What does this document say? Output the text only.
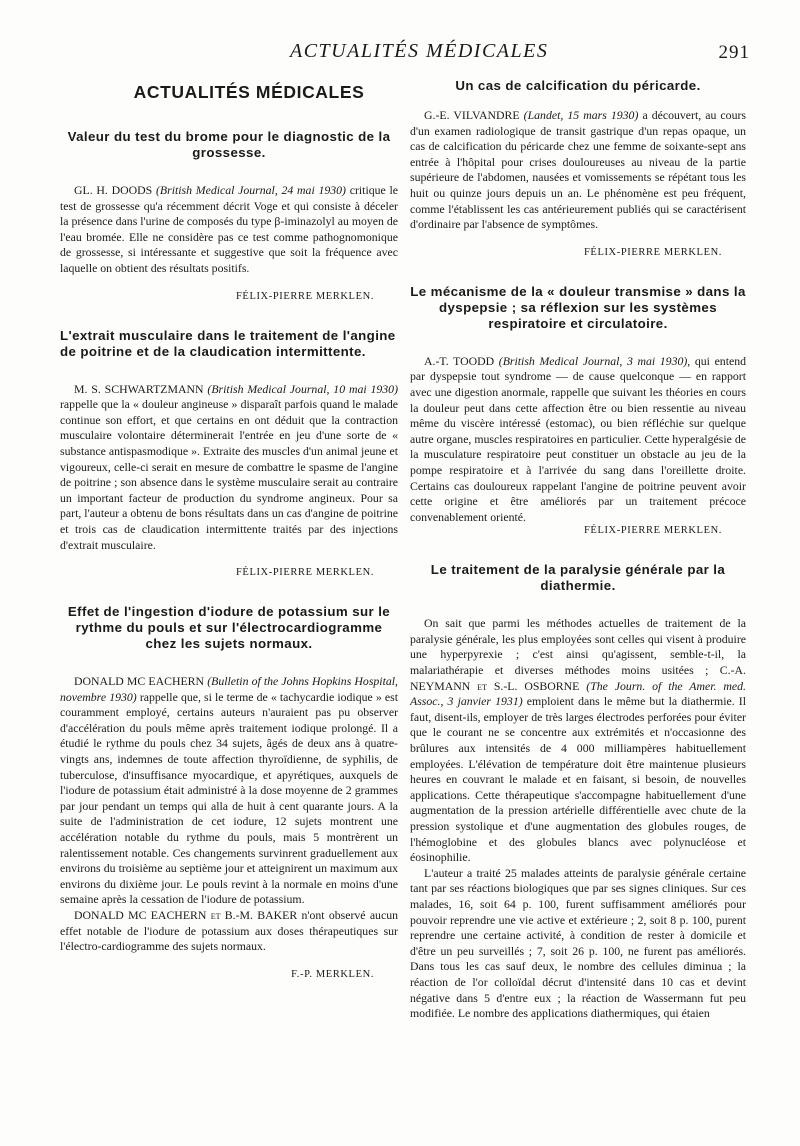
ACTUALITÉS MÉDICALES	291
ACTUALITÉS MÉDICALES
Valeur du test du brome pour le diagnostic de la grossesse.

GL. H. DOODS (British Medical Journal, 24 mai 1930) critique le test de grossesse qu'a récemment décrit Voge et qui consiste à déceler la présence dans l'urine de composés du type β-iminazolyl au moyen de l'eau bromée. Elle ne considère pas ce test comme pathognomonique de grossesse, si intéressante et suggestive que soit la fréquence avec laquelle on obtient des résultats positifs.

FÉLIX-PIERRE MERKLEN.
L'extrait musculaire dans le traitement de l'angine de poitrine et de la claudication intermittente.

M. S. SCHWARTZMANN (British Medical Journal, 10 mai 1930) rappelle que la « douleur angineuse » disparaît parfois quand le malade continue son effort, et que certains en ont déduit que la contraction musculaire volontaire déterminerait l'entrée en jeu d'une sorte de « substance antispasmodique ». Extraite des muscles d'un animal jeune et vigoureux, celle-ci serait en mesure de combattre le spasme de l'angine de poitrine ; son absence dans le système musculaire serait au contraire un important facteur de production du syndrome angineux. Pour sa part, l'auteur a obtenu de bons résultats dans un cas d'angine de poitrine et trois cas de claudication intermittente traités par des injections d'extrait musculaire.

FÉLIX-PIERRE MERKLEN.
Effet de l'ingestion d'iodure de potassium sur le rythme du pouls et sur l'électrocardiogramme chez les sujets normaux.

DONALD MC EACHERN (Bulletin of the Johns Hopkins Hospital, novembre 1930) rappelle que, si le terme de « tachycardie iodique » est couramment employé, certains auteurs n'auraient pas pu observer d'accélération du pouls même après traitement iodique prolongé. Il a étudié le rythme du pouls chez 34 sujets, âgés de deux ans à quatre-vingts ans, indemnes de toute affection thyroïdienne, de syphilis, de tuberculose, d'insuffisance myocardique, et apyrétiques, auxquels de l'iodure de potassium était administré à la dose moyenne de 2 grammes par jour pendant un temps qui alla de huit à cent quarante jours. A la suite de l'administration de cet iodure, 12 sujets montrent une accélération notable du rythme du pouls, mais 5 montrèrent un ralentissement notable. Ces changements survinrent graduellement aux environs du troisième au septième jour et atteignirent un maximum aux environs du dixième jour. Le pouls revint à la normale en moins d'une semaine après la cessation de l'iodure de potassium.

DONALD MC EACHERN et B.-M. BAKER n'ont observé aucun effet notable de l'iodure de potassium aux doses thérapeutiques sur l'électro-cardiogramme des sujets normaux.

F.-P. MERKLEN.
Un cas de calcification du péricarde.

G.-E. VILVANDRE (Landet, 15 mars 1930) a découvert, au cours d'un examen radiologique de transit gastrique d'un repas opaque, un cas de calcification du péricarde chez une femme de soixante-sept ans entrée à l'hôpital pour crises douloureuses au niveau de la partie supérieure de l'abdomen, nausées et vomissements se répétant tous les huit ou quinze jours depuis un an. Le phénomène est peu fréquent, comme l'établissent les cas antérieurement publiés qui se caractérisent d'ordinaire par l'absence de symptômes.

FÉLIX-PIERRE MERKLEN.
Le mécanisme de la « douleur transmise » dans la dyspepsie ; sa réflexion sur les systèmes respiratoire et circulatoire.

A.-T. TOODD (British Medical Journal, 3 mai 1930), qui entend par dyspepsie tout syndrome — de cause quelconque — en rapport avec une digestion anormale, rappelle que suivant les théories en cours la douleur peut dans cette affection être ou bien ressentie au niveau même du viscère intéressé (estomac), ou bien réfléchie sur quelque autre organe, muscles respiratoires en particulier. Cette hyperalgésie de la musculature respiratoire peut constituer un obstacle au jeu de la pompe respiratoire et à l'arrivée du sang dans l'oreillette droite. Certains cas douloureux rappelant l'angine de poitrine peuvent avoir cette origine et être améliorés par un traitement précoce convenablement orienté.

FÉLIX-PIERRE MERKLEN.
Le traitement de la paralysie générale par la diathermie.

On sait que parmi les méthodes actuelles de traitement de la paralysie générale, les plus employées sont celles qui visent à produire une hyperpyrexie ; c'est ainsi qu'agissent, semble-t-il, la malariathérapie et diverses méthodes moins usitées ; C.-A. NEYMANN et S.-L. OSBORNE (The Journ. of the Amer. med. Assoc., 3 janvier 1931) emploient dans le même but la diathermie. Il faut, disent-ils, employer de très larges électrodes perforées pour éviter que le courant ne se concentre aux extrémités et n'occasionne des brûlures aux intensités de 4 000 milliampères habituellement employées. L'élévation de température doit être maintenue plusieurs heures en couvrant le malade et en faisant, si besoin, de nouvelles applications. Cette thérapeutique s'accompagne habituellement d'une augmentation de la pression artérielle différentielle avec chute de la pression systolique et d'une augmentation des globules rouges, de l'hémoglobine et des globules blancs avec polynucléose et éosinophilie.

L'auteur a traité 25 malades atteints de paralysie générale certaine tant par ses réactions biologiques que par ses signes cliniques. Sur ces malades, 16, soit 64 p. 100, furent suffisamment améliorés pour pouvoir reprendre une vie active et extérieure ; 2, soit 8 p. 100, purent reprendre une certaine activité, à condition de rester à domicile et d'être un peu surveillés ; 7, soit 26 p. 100, ne furent pas améliorés. Dans tous les cas sauf deux, le nombre des cellules diminua ; la réaction de l'or colloïdal décrut d'intensité dans 10 cas et devint négative dans 5 d'entre eux ; la réaction de Wassermann fut peu modifiée. Le nombre des applications diathermiques, qui étaien
